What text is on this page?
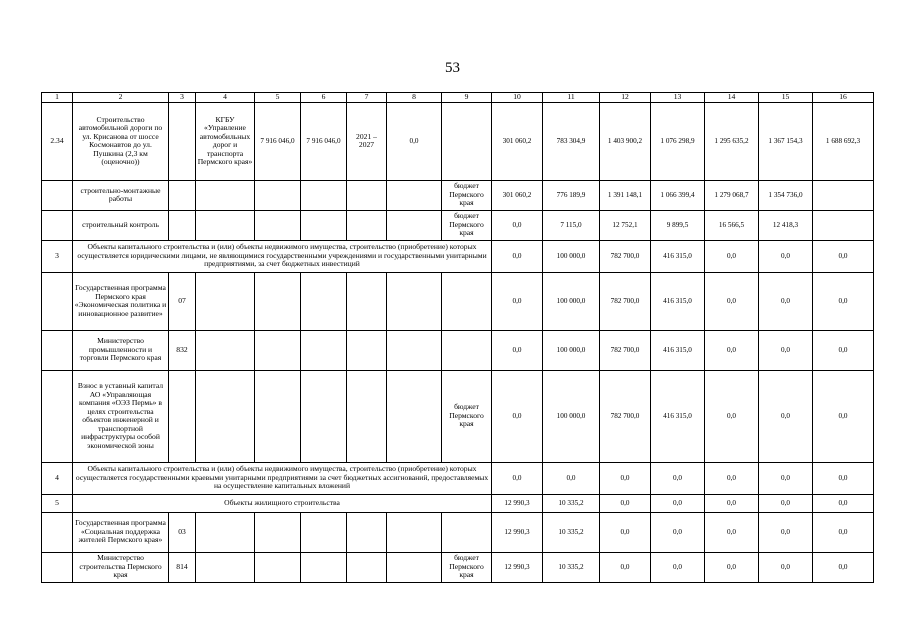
53
1	2	3	4	5	6	7	8	9	10	11	12	13	14	15	16
2.34	Строительство автомобильной дороги по ул. Крисанова от шоссе Космонавтов до ул. Пушкина (2,3 км (оценочно))		КГБУ «Управление автомобильных дорог и транспорта Пермского края»	7 916 046,0	7 916 046,0	2021 – 2027	0,0		301 060,2	783 304,9	1 403 900,2	1 076 298,9	1 295 635,2	1 367 154,3	1 688 692,3
	строительно-монтажные работы							бюджет Пермского края	301 060,2	776 189,9	1 391 148,1	1 066 399,4	1 279 068,7	1 354 736,0	
	строительный контроль							бюджет Пермского края	0,0	7 115,0	12 752,1	9 899,5	16 566,5	12 418,3	
3	Объекты капитального строительства и (или) объекты недвижимого имущества, строительство (приобретение) которых осуществляется юридическими лицами, не являющимися государственными учреждениями и государственными унитарными предприятиями, за счет бюджетных инвестиций								0,0	100 000,0	782 700,0	416 315,0	0,0	0,0	0,0
	Государственная программа Пермского края «Экономическая политика и инновационное развитие»	07							0,0	100 000,0	782 700,0	416 315,0	0,0	0,0	0,0
	Министерство промышленности и торговли Пермского края	832							0,0	100 000,0	782 700,0	416 315,0	0,0	0,0	0,0
	Взнос в уставный капитал АО «Управляющая компания «ОЭЗ Пермь» в целях строительства объектов инженерной и транспортной инфраструктуры особой экономической зоны							бюджет Пермского края	0,0	100 000,0	782 700,0	416 315,0	0,0	0,0	0,0
4	Объекты капитального строительства и (или) объекты недвижимого имущества, строительство (приобретение) которых осуществляется государственными краевыми унитарными предприятиями за счет бюджетных ассигнований, предоставляемых на осуществление капитальных вложений								0,0	0,0	0,0	0,0	0,0	0,0	0,0
5	Объекты жилищного строительства								12 990,3	10 335,2	0,0	0,0	0,0	0,0	0,0
	Государственная программа «Социальная поддержка жителей Пермского края»	03							12 990,3	10 335,2	0,0	0,0	0,0	0,0	0,0
	Министерство строительства Пермского края	814						бюджет Пермского края	12 990,3	10 335,2	0,0	0,0	0,0	0,0	0,0
